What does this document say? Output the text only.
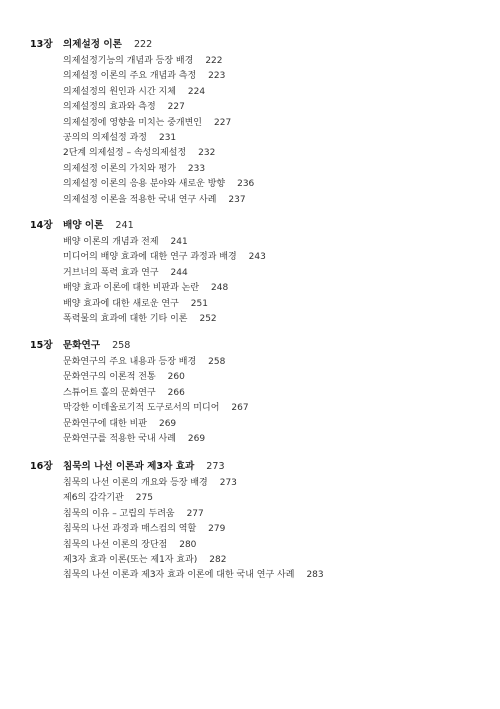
13장 의제설정 이론 222
의제설정기능의 개념과 등장 배경 222
의제설정 이론의 주요 개념과 측정 223
의제설정의 원인과 시간 지체 224
의제설정의 효과와 측정 227
의제설정에 영향을 미치는 중개변인 227
공의의 의제설정 과정 231
2단계 의제설정 – 속성의제설정 232
의제설정 이론의 가치와 평가 233
의제설정 이론의 응용 분야와 새로운 방향 236
의제설정 이론을 적용한 국내 연구 사례 237
14장 배양 이론 241
배양 이론의 개념과 전제 241
미디어의 배양 효과에 대한 연구 과정과 배경 243
거브너의 폭력 효과 연구 244
배양 효과 이론에 대한 비판과 논란 248
배양 효과에 대한 새로운 연구 251
폭력물의 효과에 대한 기타 이론 252
15장 문화연구 258
문화연구의 주요 내용과 등장 배경 258
문화연구의 이론적 전통 260
스튜어트 홀의 문화연구 266
막강한 이데올로기적 도구로서의 미디어 267
문화연구에 대한 비판 269
문화연구를 적용한 국내 사례 269
16장 침묵의 나선 이론과 제3자 효과 273
침묵의 나선 이론의 개요와 등장 배경 273
제6의 감각기관 275
침묵의 이유 – 고립의 두려움 277
침묵의 나선 과정과 매스컴의 역할 279
침묵의 나선 이론의 장단점 280
제3자 효과 이론(또는 제1자 효과) 282
침묵의 나선 이론과 제3자 효과 이론에 대한 국내 연구 사례 283
